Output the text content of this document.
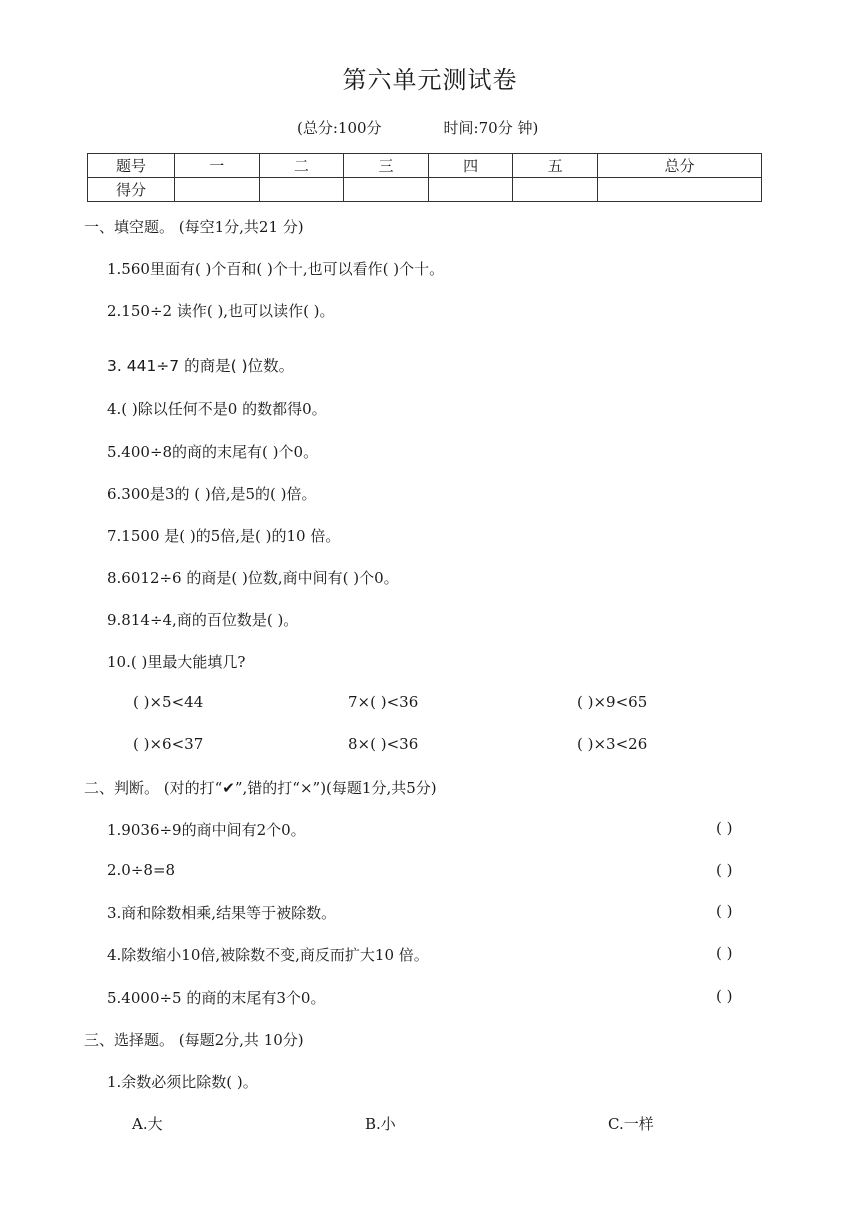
第六单元测试卷
(总分:100分	时间:70分 钟)
题号	一	二	三	四	五	总分
得分						
一、填空题。 (每空1分,共21 分)
1.560里面有( )个百和( )个十,也可以看作( )个十。
2.150÷2 读作( ),也可以读作( )。
3. 441÷7 的商是( )位数。
4.( )除以任何不是0 的数都得0。
5.400÷8的商的末尾有( )个0。
6.300是3的 ( )倍,是5的( )倍。
7.1500 是( )的5倍,是( )的10 倍。
8.6012÷6 的商是( )位数,商中间有( )个0。
9.814÷4,商的百位数是( )。
10.( )里最大能填几?
( )×5<44	7×( )<36	( )×9<65
( )×6<37	8×( )<36	( )×3<26
二、判断。 (对的打“✔”,错的打“×”)(每题1分,共5分)
1.9036÷9的商中间有2个0。	( )
2.0÷8=8	( )
3.商和除数相乘,结果等于被除数。	( )
4.除数缩小10倍,被除数不变,商反而扩大10 倍。	( )
5.4000÷5 的商的末尾有3个0。	( )
三、选择题。 (每题2分,共 10分)
1.余数必须比除数( )。
A.大	B.小	C.一样
